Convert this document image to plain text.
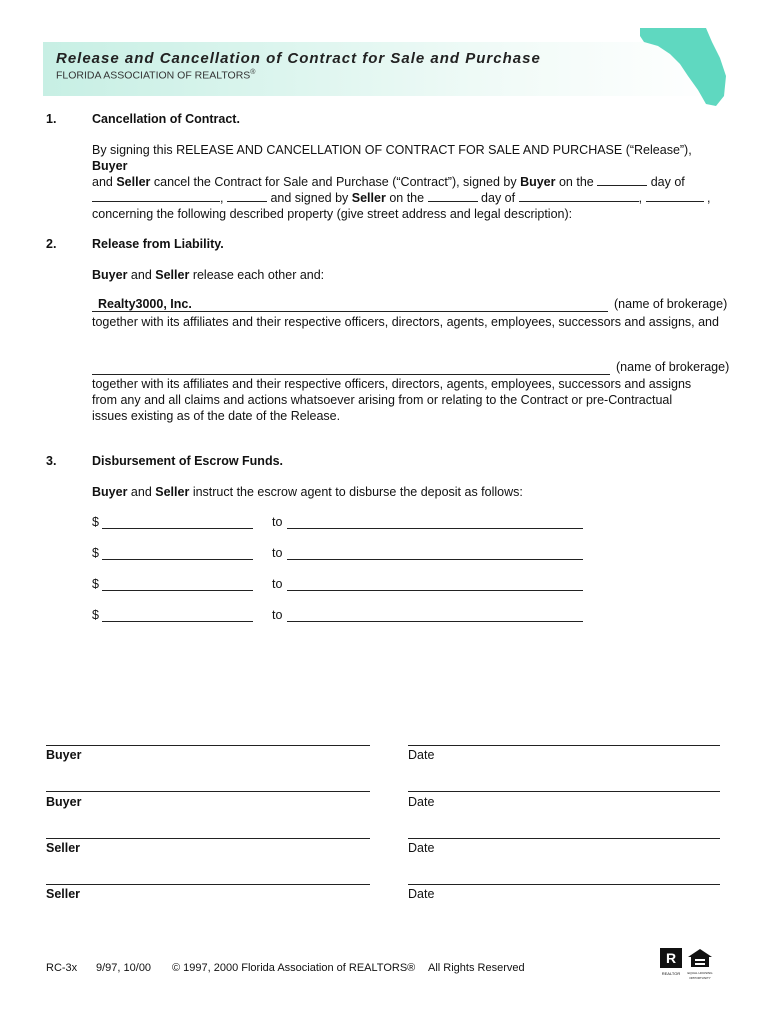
Release and Cancellation of Contract for Sale and Purchase
FLORIDA ASSOCIATION OF REALTORS®
1.	Cancellation of Contract.
By signing this RELEASE AND CANCELLATION OF CONTRACT FOR SALE AND PURCHASE (“Release”), Buyer
and Seller cancel the Contract for Sale and Purchase (“Contract”), signed by Buyer on the	day of
,	and signed by Seller on the	day of	,	,
concerning the following described property (give street address and legal description):
2.	Release from Liability.
Buyer and Seller release each other and:
Realty3000, Inc.	(name of brokerage)
together with its affiliates and their respective officers, directors, agents, employees, successors and assigns, and
(name of brokerage)
together with its affiliates and their respective officers, directors, agents, employees, successors and assigns from any and all claims and actions whatsoever arising from or relating to the Contract or pre-Contractual issues existing as of the date of the Release.
3.	Disbursement of Escrow Funds.
Buyer and Seller instruct the escrow agent to disburse the deposit as follows:
$	to
$	to
$	to
$	to
Buyer	Date
Buyer	Date
Seller	Date
Seller	Date
RC-3x 9/97, 10/00 © 1997, 2000 Florida Association of REALTORS® All Rights Reserved
R
REALTOR	EQUAL HOUSING OPPORTUNITY
